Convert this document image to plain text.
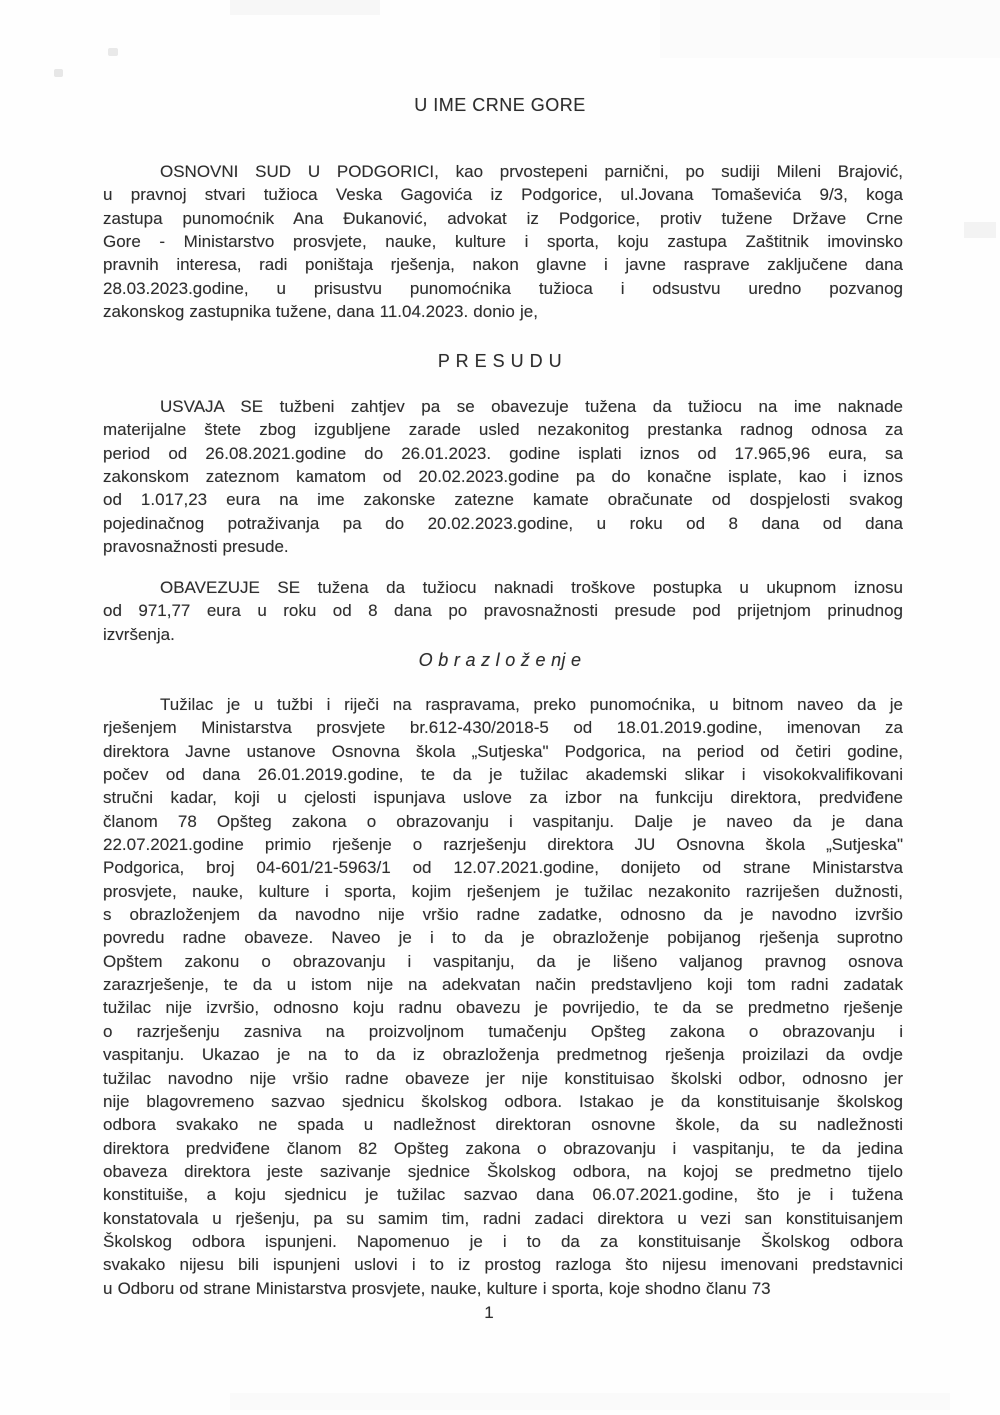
U IME CRNE GORE
OSNOVNI SUD U PODGORICI, kao prvostepeni parnični, po sudiji Mileni Brajović,
u pravnoj stvari tužioca Veska Gagovića iz Podgorice, ul.Jovana Tomaševića 9/3, koga
zastupa punomoćnik Ana Đukanović, advokat iz Podgorice, protiv tužene Države Crne
Gore - Ministarstvo prosvjete, nauke, kulture i sporta, koju zastupa Zaštitnik imovinsko
pravnih interesa, radi poništaja rješenja, nakon glavne i javne rasprave zaključene dana
28.03.2023.godine, u prisustvu punomoćnika tužioca i odsustvu uredno pozvanog
zakonskog zastupnika tužene, dana 11.04.2023. donio je,
P R E S U D U
USVAJA SE tužbeni zahtjev pa se obavezuje tužena da tužiocu na ime naknade
materijalne štete zbog izgubljene zarade usled nezakonitog prestanka radnog odnosa za
period od 26.08.2021.godine do 26.01.2023. godine isplati iznos od 17.965,96 eura, sa
zakonskom zateznom kamatom od 20.02.2023.godine pa do konačne isplate, kao i iznos
od 1.017,23 eura na ime zakonske zatezne kamate obračunate od dospjelosti svakog
pojedinačnog potraživanja pa do 20.02.2023.godine, u roku od 8 dana od dana
pravosnažnosti presude.
OBAVEZUJE SE tužena da tužiocu naknadi troškove postupka u ukupnom iznosu
od 971,77 eura u roku od 8 dana po pravosnažnosti presude pod prijetnjom prinudnog
izvršenja.
O b r a z l o ž e nj e
Tužilac je u tužbi i riječi na raspravama, preko punomoćnika, u bitnom naveo da je
rješenjem Ministarstva prosvjete br.612-430/2018-5 od 18.01.2019.godine, imenovan za
direktora Javne ustanove Osnovna škola „Sutjeska" Podgorica, na period od četiri godine,
počev od dana 26.01.2019.godine, te da je tužilac akademski slikar i visokokvalifikovani
stručni kadar, koji u cjelosti ispunjava uslove za izbor na funkciju direktora, predviđene
članom 78 Opšteg zakona o obrazovanju i vaspitanju. Dalje je naveo da je dana
22.07.2021.godine primio rješenje o razrješenju direktora JU Osnovna škola „Sutjeska"
Podgorica, broj 04-601/21-5963/1 od 12.07.2021.godine, donijeto od strane Ministarstva
prosvjete, nauke, kulture i sporta, kojim rješenjem je tužilac nezakonito razriješen dužnosti,
s obrazloženjem da navodno nije vršio radne zadatke, odnosno da je navodno izvršio
povredu radne obaveze. Naveo je i to da je obrazloženje pobijanog rješenja suprotno
Opštem zakonu o obrazovanju i vaspitanju, da je lišeno valjanog pravnog osnova
zarazrješenje, te da u istom nije na adekvatan način predstavljeno koji tom radni zadatak
tužilac nije izvršio, odnosno koju radnu obavezu je povrijedio, te da se predmetno rješenje
o razrješenju zasniva na proizvoljnom tumačenju Opšteg zakona o obrazovanju i
vaspitanju. Ukazao je na to da iz obrazloženja predmetnog rješenja proizilazi da ovdje
tužilac navodno nije vršio radne obaveze jer nije konstituisao školski odbor, odnosno jer
nije blagovremeno sazvao sjednicu školskog odbora. Istakao je da konstituisanje školskog
odbora svakako ne spada u nadležnost direktoran osnovne škole, da su nadležnosti
direktora predviđene članom 82 Opšteg zakona o obrazovanju i vaspitanju, te da jedina
obaveza direktora jeste sazivanje sjednice Školskog odbora, na kojoj se predmetno tijelo
konstituiše, a koju sjednicu je tužilac sazvao dana 06.07.2021.godine, što je i tužena
konstatovala u rješenju, pa su samim tim, radni zadaci direktora u vezi san konstituisanjem
Školskog odbora ispunjeni. Napomenuo je i to da za konstituisanje Školskog odbora
svakako nijesu bili ispunjeni uslovi i to iz prostog razloga što nijesu imenovani predstavnici
u Odboru od strane Ministarstva prosvjete, nauke, kulture i sporta, koje shodno članu 73
1
